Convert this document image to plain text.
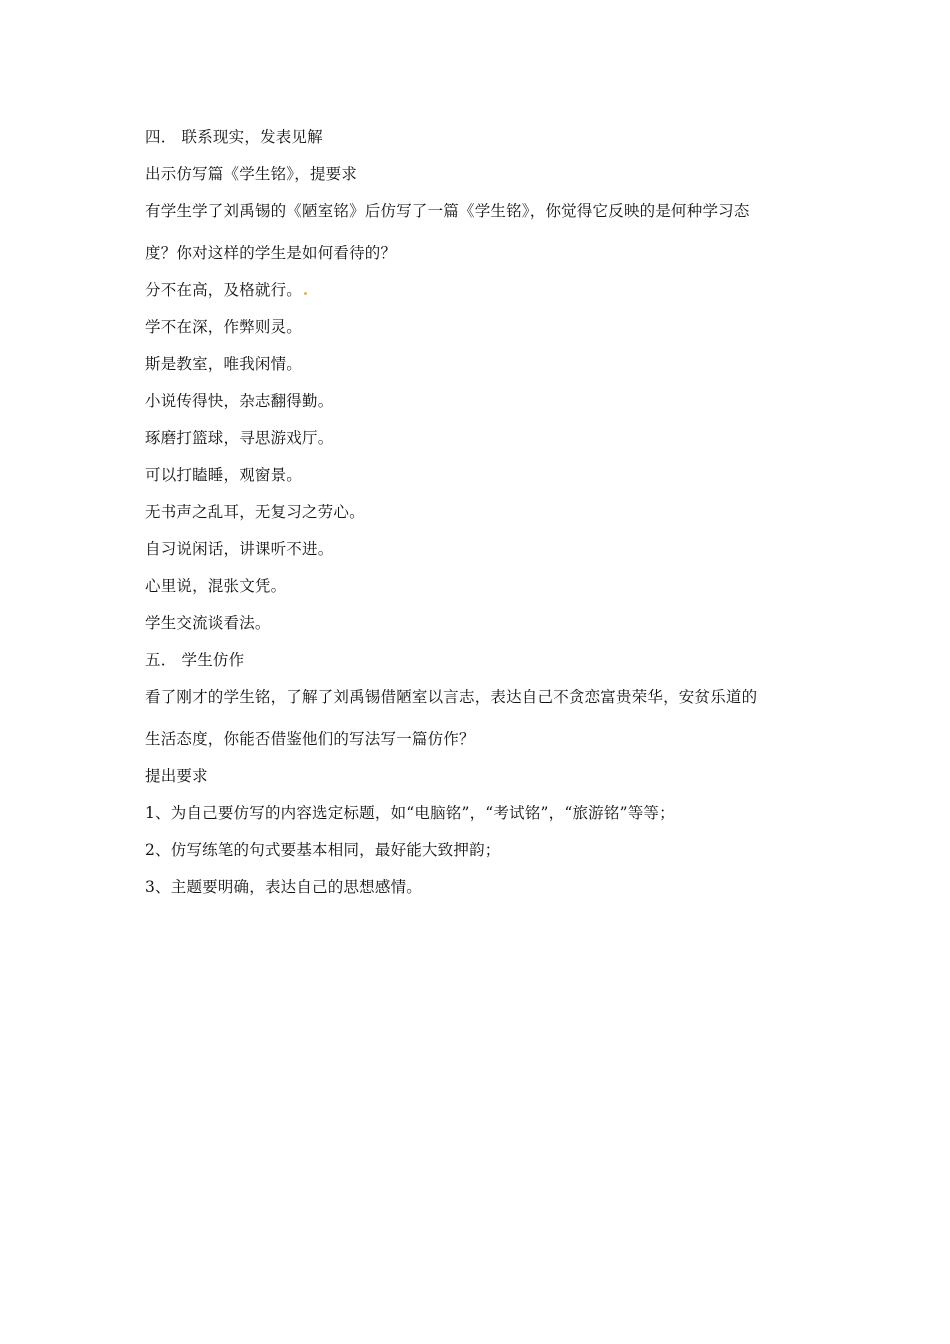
四． 联系现实，发表见解
出示仿写篇《学生铭》，提要求
有学生学了刘禹锡的《陋室铭》后仿写了一篇《学生铭》，你觉得它反映的是何种学习态
度？你对这样的学生是如何看待的？
分不在高，及格就行。
学不在深，作弊则灵。
斯是教室，唯我闲情。
小说传得快，杂志翻得勤。
琢磨打篮球，寻思游戏厅。
可以打瞌睡，观窗景。
无书声之乱耳，无复习之劳心。
自习说闲话，讲课听不进。
心里说，混张文凭。
学生交流谈看法。
五． 学生仿作
看了刚才的学生铭，了解了刘禹锡借陋室以言志，表达自己不贪恋富贵荣华，安贫乐道的
生活态度，你能否借鉴他们的写法写一篇仿作？
提出要求
1、为自己要仿写的内容选定标题，如“电脑铭”，“考试铭”，“旅游铭”等等；
2、仿写练笔的句式要基本相同，最好能大致押韵；
3、主题要明确，表达自己的思想感情。
